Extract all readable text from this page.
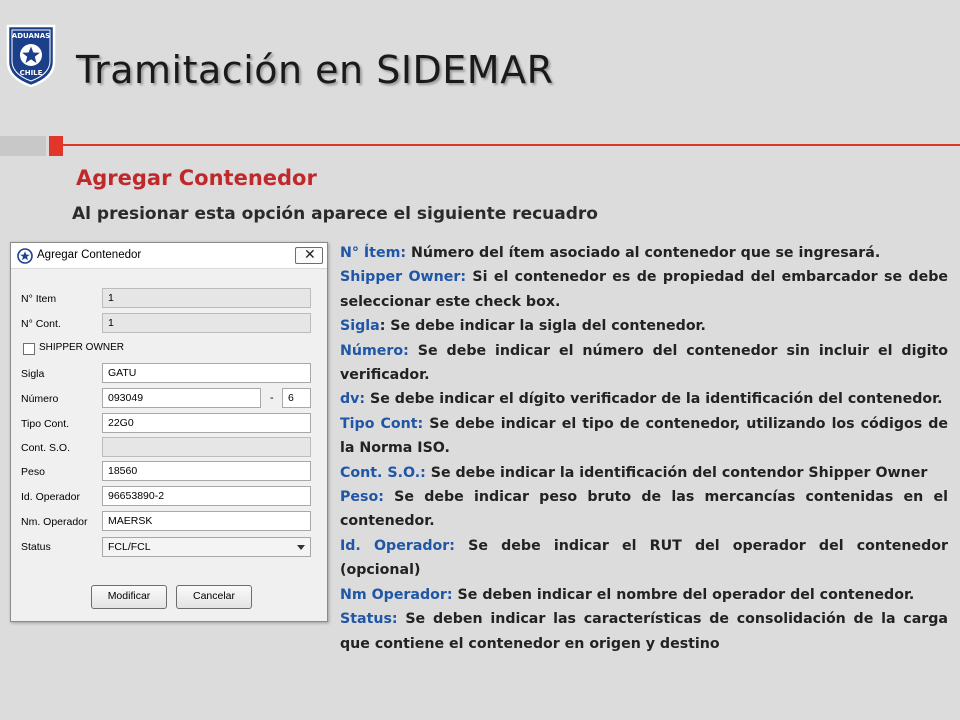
ADUANAS
CHILE Tramitación en SIDEMAR
Agregar Contenedor
Al presionar esta opción aparece el siguiente recuadro
Agregar Contenedor	✕
N° Item	1
N° Cont.	1
SHIPPER OWNER
Sigla	GATU
Número	093049	-	6
Tipo Cont.	22G0
Cont. S.O.
Peso	18560
Id. Operador	96653890-2
Nm. Operador	MAERSK
Status	FCL/FCL
Modificar	Cancelar

N° Ítem: Número del ítem asociado al contenedor que se ingresará.

Shipper Owner: Si el contenedor es de propiedad del embarcador se debe seleccionar este check box.

Sigla: Se debe indicar la sigla del contenedor.

Número: Se debe indicar el número del contenedor sin incluir el digito verificador.

dv: Se debe indicar el dígito verificador de la identificación del contenedor.

Tipo Cont: Se debe indicar el tipo de contenedor, utilizando los códigos de la Norma ISO.

Cont. S.O.: Se debe indicar la identificación del contendor Shipper Owner

Peso: Se debe indicar peso bruto de las mercancías contenidas en el contenedor.

Id. Operador: Se debe indicar el RUT del operador del contenedor (opcional)

Nm Operador: Se deben indicar el nombre del operador del contenedor.

Status: Se deben indicar las características de consolidación de la carga que contiene el contenedor en origen y destino
